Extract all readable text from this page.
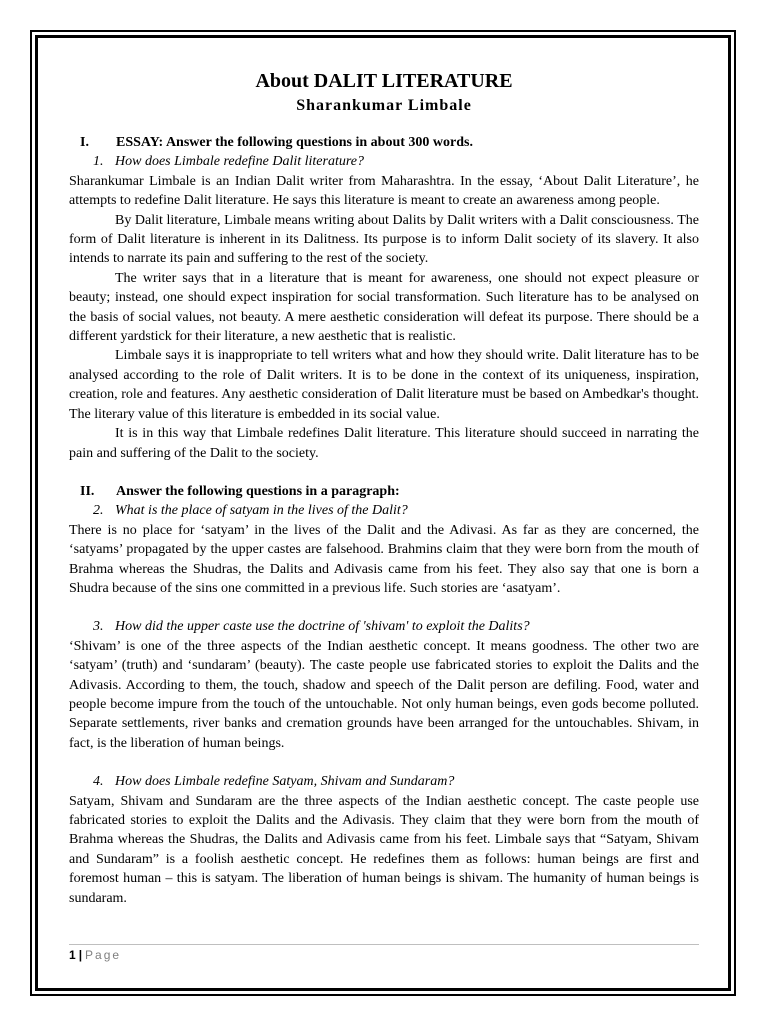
About DALIT LITERATURE
Sharankumar Limbale
I.	ESSAY: Answer the following questions in about 300 words.
1. How does Limbale redefine Dalit literature?

Sharankumar Limbale is an Indian Dalit writer from Maharashtra. In the essay, ‘About Dalit Literature’, he attempts to redefine Dalit literature. He says this literature is meant to create an awareness among people.

By Dalit literature, Limbale means writing about Dalits by Dalit writers with a Dalit consciousness. The form of Dalit literature is inherent in its Dalitness. Its purpose is to inform Dalit society of its slavery. It also intends to narrate its pain and suffering to the rest of the society.

The writer says that in a literature that is meant for awareness, one should not expect pleasure or beauty; instead, one should expect inspiration for social transformation. Such literature has to be analysed on the basis of social values, not beauty. A mere aesthetic consideration will defeat its purpose. There should be a different yardstick for their literature, a new aesthetic that is realistic.

Limbale says it is inappropriate to tell writers what and how they should write. Dalit literature has to be analysed according to the role of Dalit writers. It is to be done in the context of its uniqueness, inspiration, creation, role and features. Any aesthetic consideration of Dalit literature must be based on Ambedkar's thought. The literary value of this literature is embedded in its social value.

It is in this way that Limbale redefines Dalit literature. This literature should succeed in narrating the pain and suffering of the Dalit to the society.

II.	Answer the following questions in a paragraph:
2. What is the place of satyam in the lives of the Dalit?

There is no place for ‘satyam’ in the lives of the Dalit and the Adivasi. As far as they are concerned, the ‘satyams’ propagated by the upper castes are falsehood. Brahmins claim that they were born from the mouth of Brahma whereas the Shudras, the Dalits and Adivasis came from his feet. They also say that one is born a Shudra because of the sins one committed in a previous life. Such stories are ‘asatyam’.

3. How did the upper caste use the doctrine of 'shivam' to exploit the Dalits?

‘Shivam’ is one of the three aspects of the Indian aesthetic concept. It means goodness. The other two are ‘satyam’ (truth) and ‘sundaram’ (beauty). The caste people use fabricated stories to exploit the Dalits and the Adivasis. According to them, the touch, shadow and speech of the Dalit person are defiling. Food, water and people become impure from the touch of the untouchable. Not only human beings, even gods become polluted. Separate settlements, river banks and cremation grounds have been arranged for the untouchables. Shivam, in fact, is the liberation of human beings.

4. How does Limbale redefine Satyam, Shivam and Sundaram?

Satyam, Shivam and Sundaram are the three aspects of the Indian aesthetic concept. The caste people use fabricated stories to exploit the Dalits and the Adivasis. They claim that they were born from the mouth of Brahma whereas the Shudras, the Dalits and Adivasis came from his feet. Limbale says that “Satyam, Shivam and Sundaram” is a foolish aesthetic concept. He redefines them as follows: human beings are first and foremost human – this is satyam. The liberation of human beings is shivam. The humanity of human beings is sundaram.

1 | Page
